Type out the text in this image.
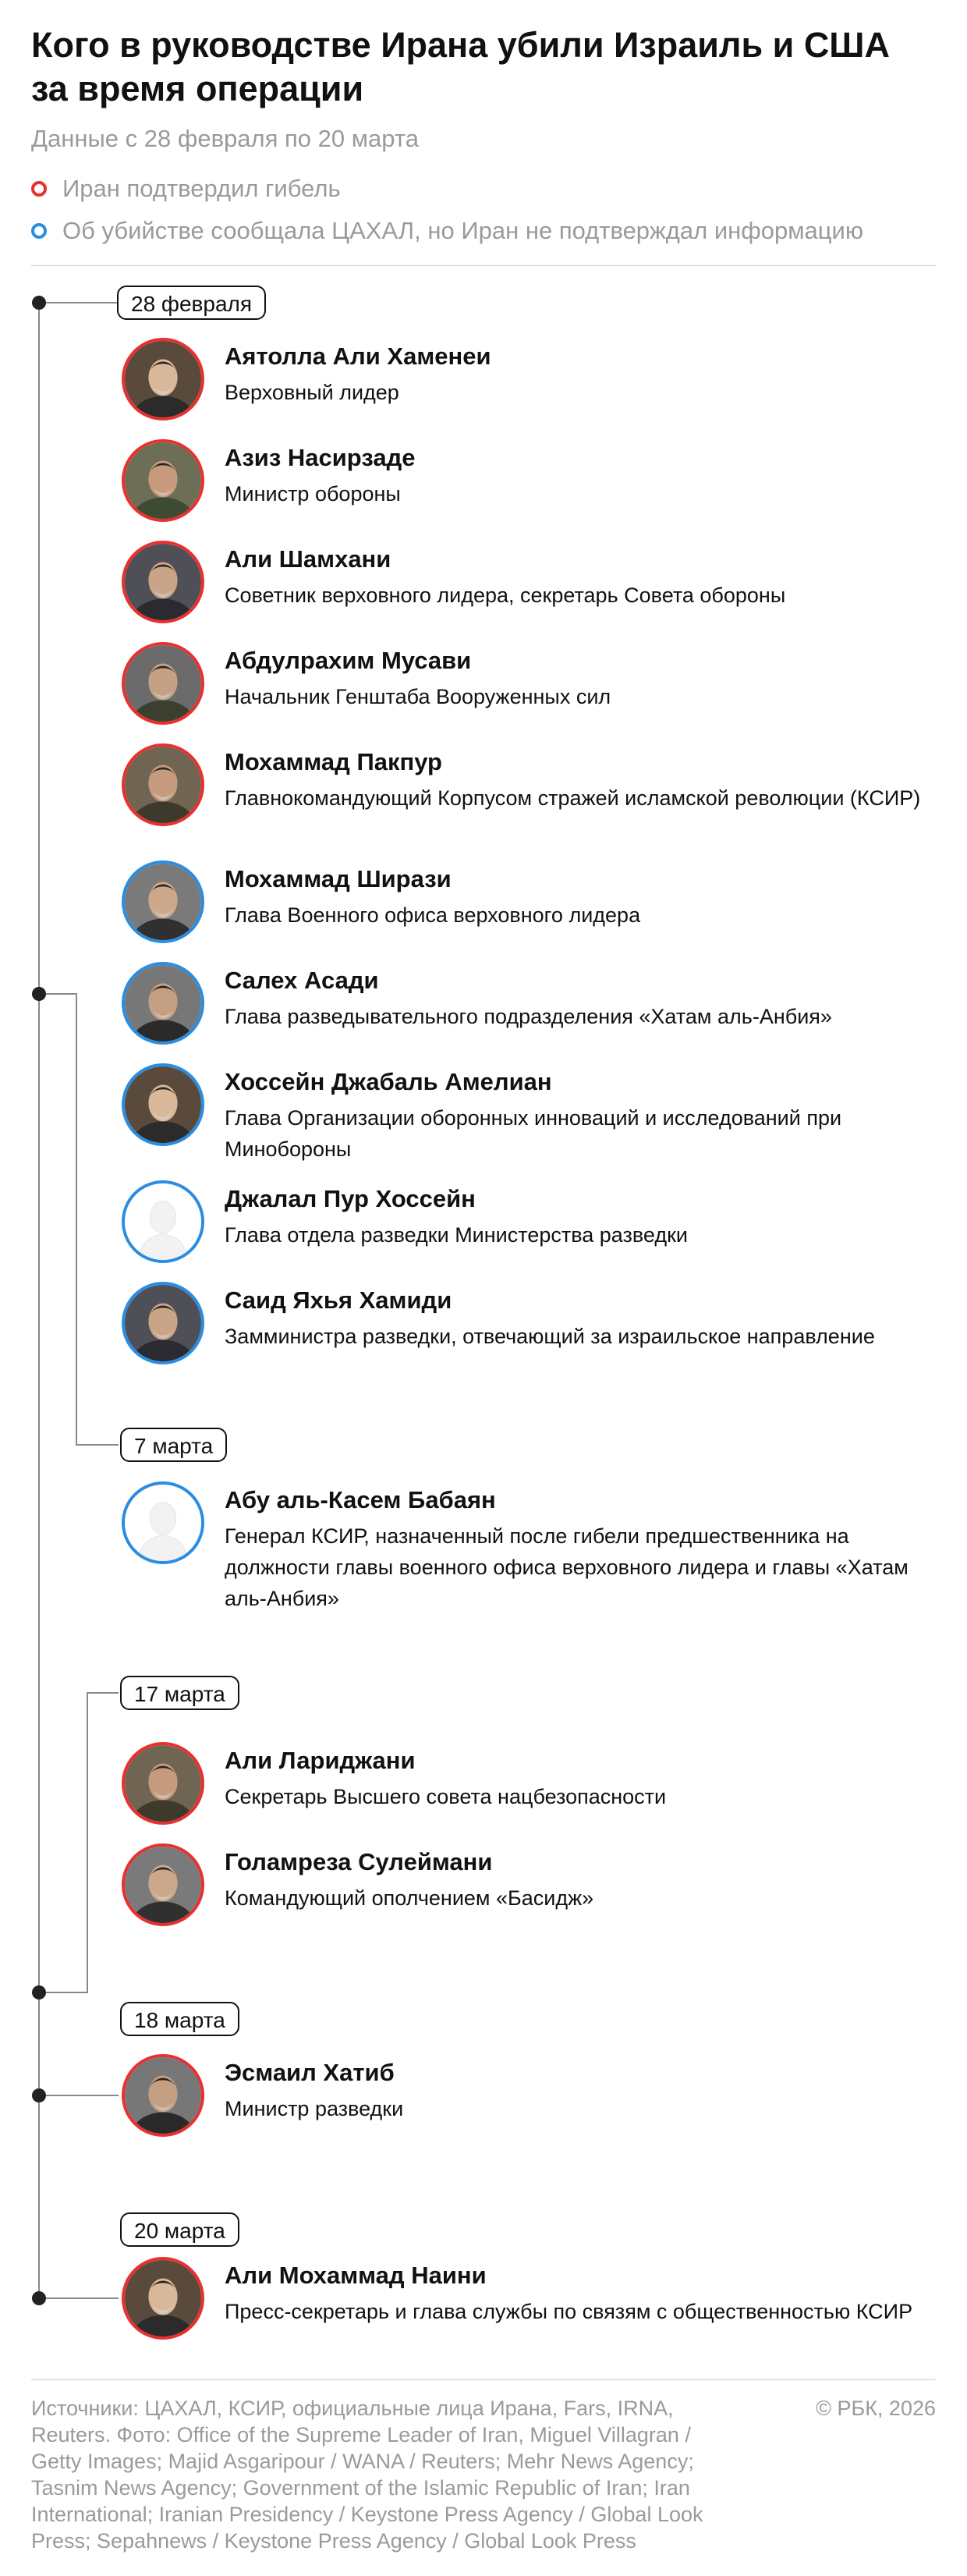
Кого в руководстве Ирана убили Израиль и США за время операции
Данные с 28 февраля по 20 марта
Иран подтвердил гибель
Об убийстве сообщала ЦАХАЛ, но Иран не подтверждал информацию
28 февраля
7 марта
17 марта
18 марта
20 марта
Аятолла Али Хаменеи
Верховный лидер
Азиз Насирзаде
Министр обороны
Али Шамхани
Советник верховного лидера, секретарь Совета обороны
Абдулрахим Мусави
Начальник Генштаба Вооруженных сил
Мохаммад Пакпур
Главнокомандующий Корпусом стражей исламской революции (КСИР)
Мохаммад Ширази
Глава Военного офиса верховного лидера
Салех Асади
Глава разведывательного подразделения «Хатам аль-Анбия»
Хоссейн Джабаль Амелиан
Глава Организации оборонных инноваций и исследований при Минобороны
Джалал Пур Хоссейн
Глава отдела разведки Министерства разведки
Саид Яхья Хамиди
Замминистра разведки, отвечающий за израильское направление
Абу аль-Касем Бабаян
Генерал КСИР, назначенный после гибели предшественника на должности главы военного офиса верховного лидера и главы «Хатам аль-Анбия»
Али Лариджани
Секретарь Высшего совета нацбезопасности
Голамреза Сулеймани
Командующий ополчением «Басидж»
Эсмаил Хатиб
Министр разведки
Али Мохаммад Наини
Пресс-секретарь и глава службы по связям с общественностью КСИР
Источники: ЦАХАЛ, КСИР, официальные лица Ирана, Fars, IRNA, Reuters. Фото: Office of the Supreme Leader of Iran, Miguel Villagran / Getty Images; Majid Asgaripour / WANA / Reuters; Mehr News Agency; Tasnim News Agency; Government of the Islamic Republic of Iran; Iran International; Iranian Presidency / Keystone Press Agency / Global Look Press; Sepahnews / Keystone Press Agency / Global Look Press
© РБК, 2026
